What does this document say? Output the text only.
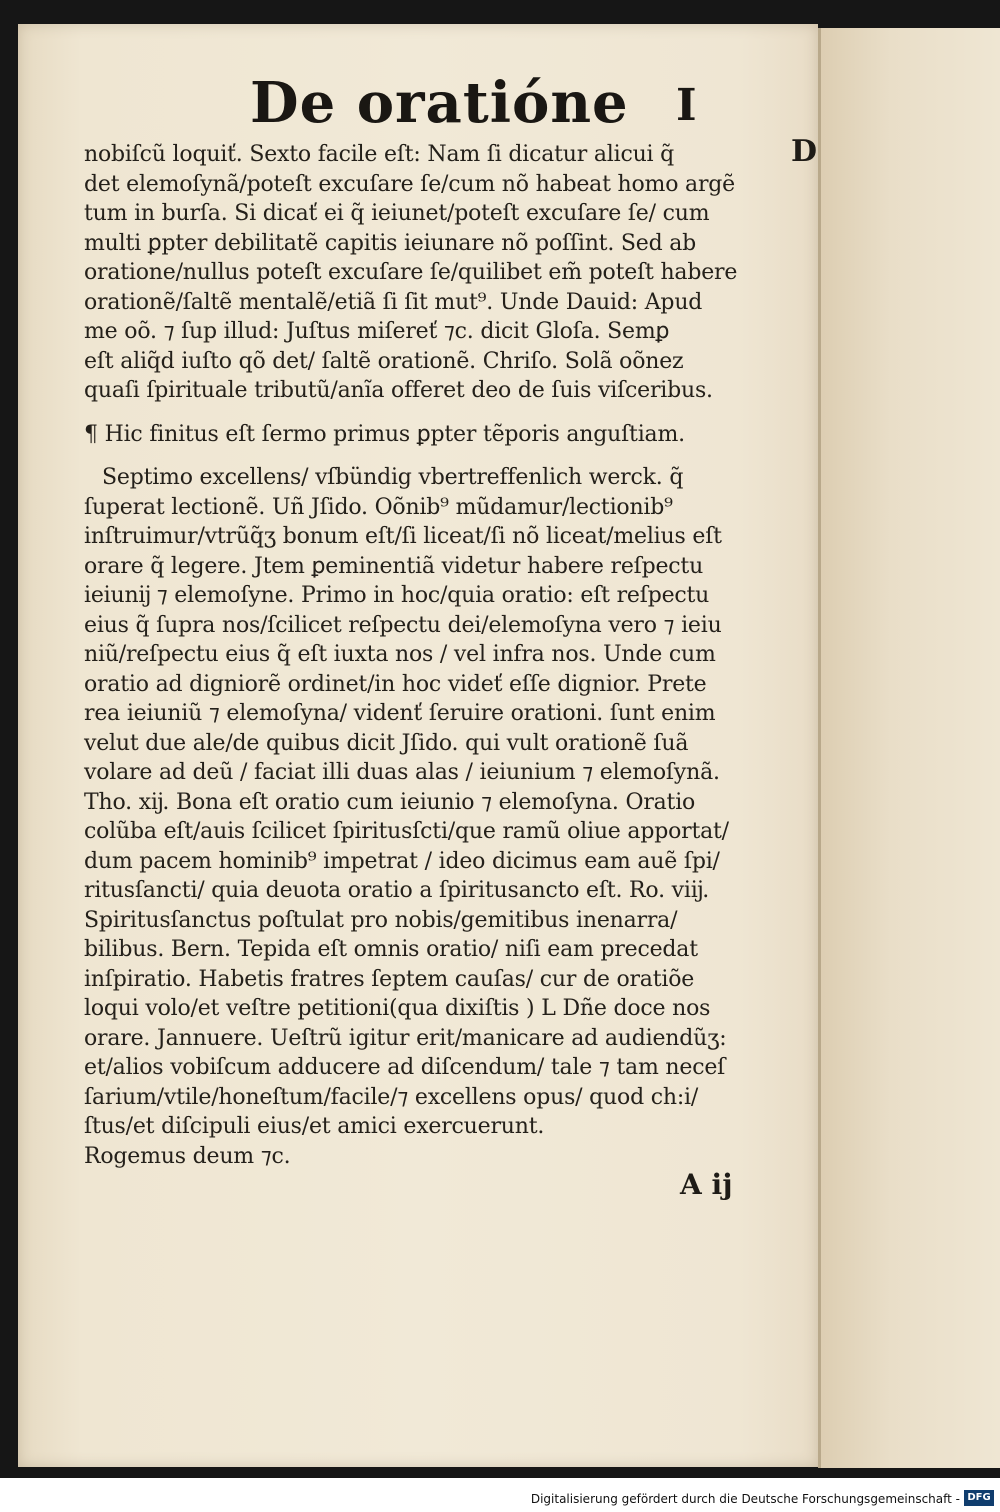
De oratióne I
D
nobiſcũ loquiť. Sexto facile eſt: Nam ſi dicatur alicui q̃
det elemoſynã/poteſt excuſare ſe/cum nõ habeat homo argẽ
tum in burſa. Si dicať ei q̃ ieiunet/poteſt excuſare ſe/ cum
multi ꝑpter debilitatẽ capitis ieiunare nõ poſſint. Sed ab
oratione/nullus poteſt excuſare ſe/quilibet em̃ poteſt habere
orationẽ/ſaltẽ mentalẽ/etiã ſi ſit mut⁹. Unde Dauid: Apud
me oõ. ⁊ ſup illud: Juſtus miſereť ⁊c. dicit Gloſa. Semꝑ
eſt aliq̃d iuſto qõ det/ ſaltẽ orationẽ. Chriſo. Solã oõnez
quaſi ſpirituale tributũ/anĩa offeret deo de ſuis viſceribus.
¶ Hic finitus eſt ſermo primus ꝑpter tẽporis anguſtiam.
Septimo excellens/ vſbündig vbertreffenlich werck. q̃
ſuperat lectionẽ. Uñ Jſido. Oõnib⁹ mũdamur/lectionib⁹
inſtruimur/vtrũq̃ʒ bonum eſt/ſi liceat/ſi nõ liceat/melius eſt
orare q̃ legere. Jtem ꝑeminentiã videtur habere reſpectu
ieiunĳ ⁊ elemoſyne. Primo in hoc/quia oratio: eſt reſpectu
eius q̃ ſupra nos/ſcilicet reſpectu dei/elemoſyna vero ⁊ ieiu
niũ/reſpectu eius q̃ eſt iuxta nos / vel infra nos. Unde cum
oratio ad digniorẽ ordinet/in hoc videť eſſe dignior. Prete
rea ieiuniũ ⁊ elemoſyna/ videnť ſeruire orationi. ſunt enim
velut due ale/de quibus dicit Jſido. qui vult orationẽ ſuã
volare ad deũ / faciat illi duas alas / ieiunium ⁊ elemoſynã.
Tho. xĳ. Bona eſt oratio cum ieiunio ⁊ elemoſyna. Oratio
colũba eſt/auis ſcilicet ſpiritusſcti/que ramũ oliue apportat/
dum pacem hominib⁹ impetrat / ideo dicimus eam auẽ ſpi/
ritusſancti/ quia deuota oratio a ſpiritusancto eſt. Ro. viĳ.
Spiritusſanctus poſtulat pro nobis/gemitibus inenarra/
bilibus. Bern. Tepida eſt omnis oratio/ niſi eam precedat
inſpiratio. Habetis fratres ſeptem cauſas/ cur de oratiõe
loqui volo/et veſtre petitioni(qua dixiſtis ) L Dñe doce nos
orare. Jannuere. Ueſtrũ igitur erit/manicare ad audiendũʒ:
et/alios vobiſcum adducere ad diſcendum/ tale ⁊ tam neceſ
ſarium/vtile/honeſtum/facile/⁊ excellens opus/ quod ch:i/
ſtus/et diſcipuli eius/et amici exercuerunt.
Rogemus deum ⁊c.
A ĳ
Digitalisierung gefördert durch die Deutsche Forschungsgemeinschaft - DFG
